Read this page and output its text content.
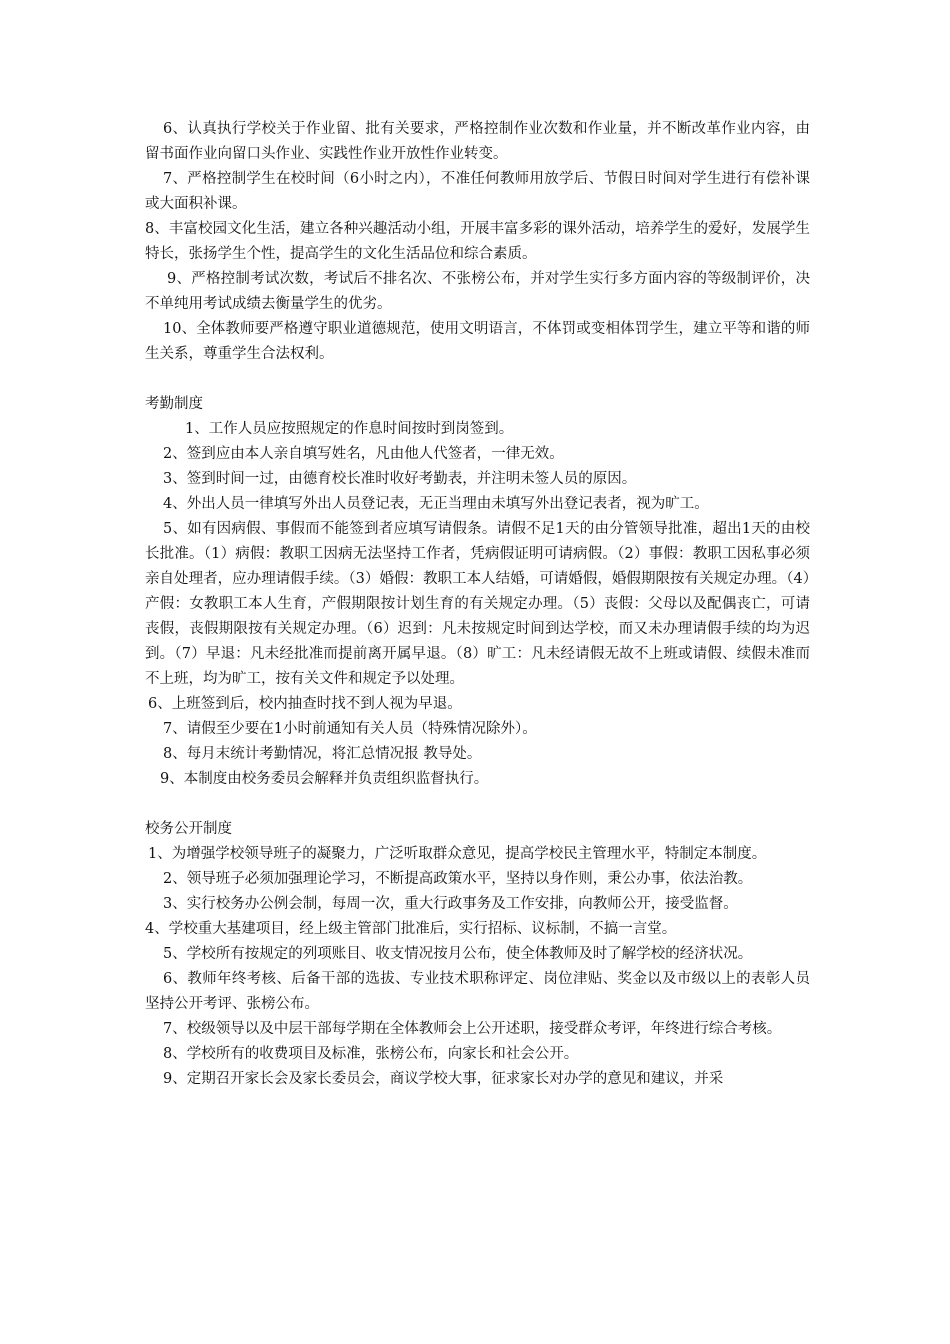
6、认真执行学校关于作业留、批有关要求，严格控制作业次数和作业量，并不断改革作业内容，由留书面作业向留口头作业、实践性作业开放性作业转变。

7、严格控制学生在校时间（6小时之内），不准任何教师用放学后、节假日时间对学生进行有偿补课或大面积补课。

8、丰富校园文化生活，建立各种兴趣活动小组，开展丰富多彩的课外活动，培养学生的爱好，发展学生特长，张扬学生个性，提高学生的文化生活品位和综合素质。

9、严格控制考试次数，考试后不排名次、不张榜公布，并对学生实行多方面内容的等级制评价，决不单纯用考试成绩去衡量学生的优劣。

10、全体教师要严格遵守职业道德规范，使用文明语言，不体罚或变相体罚学生，建立平等和谐的师生关系，尊重学生合法权利。

考勤制度

1、工作人员应按照规定的作息时间按时到岗签到。

2、签到应由本人亲自填写姓名，凡由他人代签者，一律无效。

3、签到时间一过，由德育校长准时收好考勤表，并注明未签人员的原因。

4、外出人员一律填写外出人员登记表，无正当理由未填写外出登记表者，视为旷工。

5、如有因病假、事假而不能签到者应填写请假条。请假不足1天的由分管领导批准，超出1天的由校长批准。（1）病假：教职工因病无法坚持工作者，凭病假证明可请病假。（2）事假：教职工因私事必须亲自处理者，应办理请假手续。（3）婚假：教职工本人结婚，可请婚假，婚假期限按有关规定办理。（4）产假：女教职工本人生育，产假期限按计划生育的有关规定办理。（5）丧假：父母以及配偶丧亡，可请丧假，丧假期限按有关规定办理。（6）迟到：凡未按规定时间到达学校，而又未办理请假手续的均为迟到。（7）早退：凡未经批准而提前离开属早退。（8）旷工：凡未经请假无故不上班或请假、续假未准而不上班，均为旷工，按有关文件和规定予以处理。

6、上班签到后，校内抽查时找不到人视为早退。

7、请假至少要在1小时前通知有关人员（特殊情况除外）。

8、每月末统计考勤情况，将汇总情况报 教导处。

9、本制度由校务委员会解释并负责组织监督执行。

校务公开制度

1、为增强学校领导班子的凝聚力，广泛听取群众意见，提高学校民主管理水平，特制定本制度。

2、领导班子必须加强理论学习，不断提高政策水平，坚持以身作则，秉公办事，依法治教。

3、实行校务办公例会制，每周一次，重大行政事务及工作安排，向教师公开，接受监督。

4、学校重大基建项目，经上级主管部门批准后，实行招标、议标制，不搞一言堂。

5、学校所有按规定的列项账目、收支情况按月公布，使全体教师及时了解学校的经济状况。

6、教师年终考核、后备干部的选拔、专业技术职称评定、岗位津贴、奖金以及市级以上的表彰人员坚持公开考评、张榜公布。

7、校级领导以及中层干部每学期在全体教师会上公开述职，接受群众考评，年终进行综合考核。

8、学校所有的收费项目及标准，张榜公布，向家长和社会公开。

9、定期召开家长会及家长委员会，商议学校大事，征求家长对办学的意见和建议，并采
